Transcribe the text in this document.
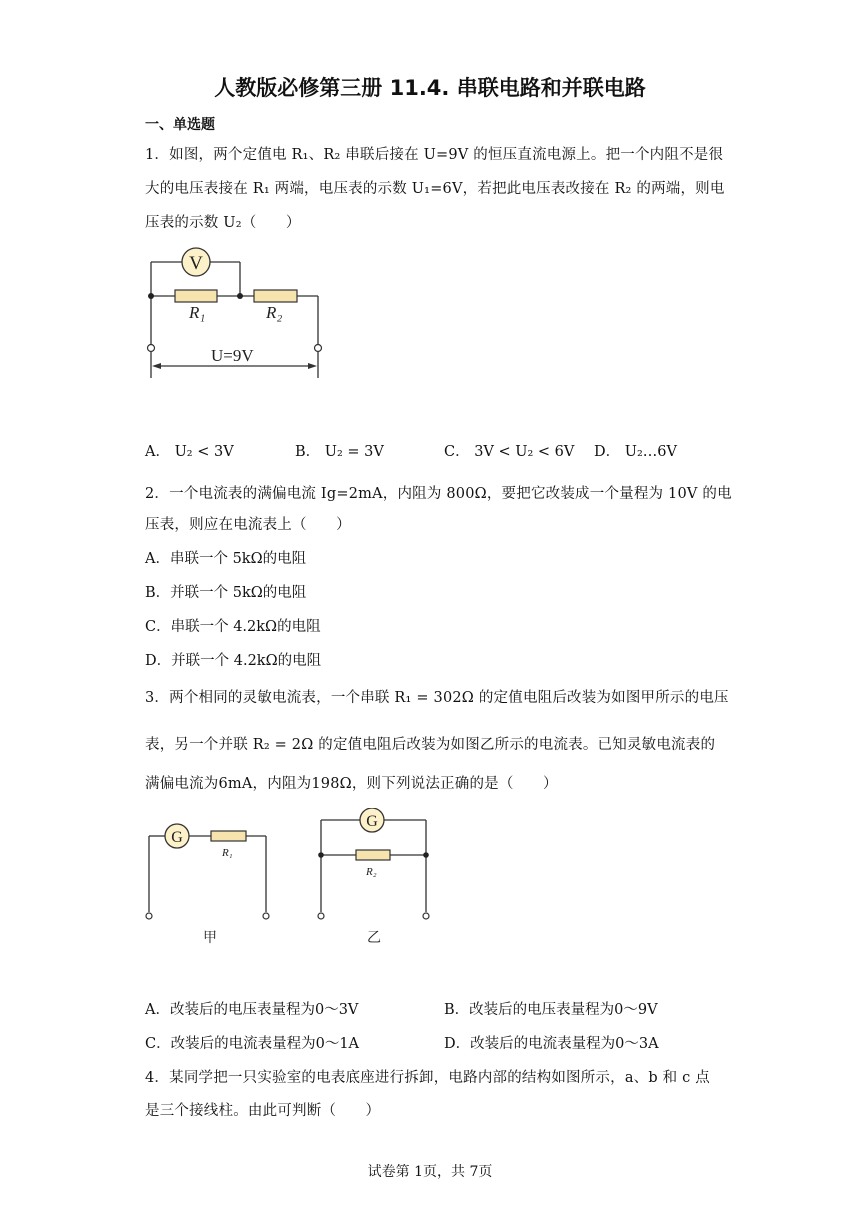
人教版必修第三册 11.4. 串联电路和并联电路
一、单选题
1．如图，两个定值电 R₁、R₂ 串联后接在 U=9V 的恒压直流电源上。把一个内阻不是很
大的电压表接在 R₁ 两端，电压表的示数 U₁=6V，若把此电压表改接在 R₂ 的两端，则电
压表的示数 U₂（　　）
V
R₁	R₂
U=9V
A． U₂ < 3V	B． U₂ = 3V	C． 3V < U₂ < 6V D． U₂…6V
2．一个电流表的满偏电流 Ig=2mA，内阻为 800Ω，要把它改装成一个量程为 10V 的电
压表，则应在电流表上（　　）
A．串联一个 5kΩ的电阻
B．并联一个 5kΩ的电阻
C．串联一个 4.2kΩ的电阻
D．并联一个 4.2kΩ的电阻
3．两个相同的灵敏电流表，一个串联 R₁ = 302Ω 的定值电阻后改装为如图甲所示的电压
表，另一个并联 R₂ = 2Ω 的定值电阻后改装为如图乙所示的电流表。已知灵敏电流表的
满偏电流为6mA，内阻为198Ω，则下列说法正确的是（　　）
G
R₁
甲
G
R₂
乙
A．改装后的电压表量程为0～3V	B．改装后的电压表量程为0～9V
C．改装后的电流表量程为0～1A	D．改装后的电流表量程为0～3A
4．某同学把一只实验室的电表底座进行拆卸，电路内部的结构如图所示，a、b 和 c 点
是三个接线柱。由此可判断（　　）
试卷第 1页，共 7页
